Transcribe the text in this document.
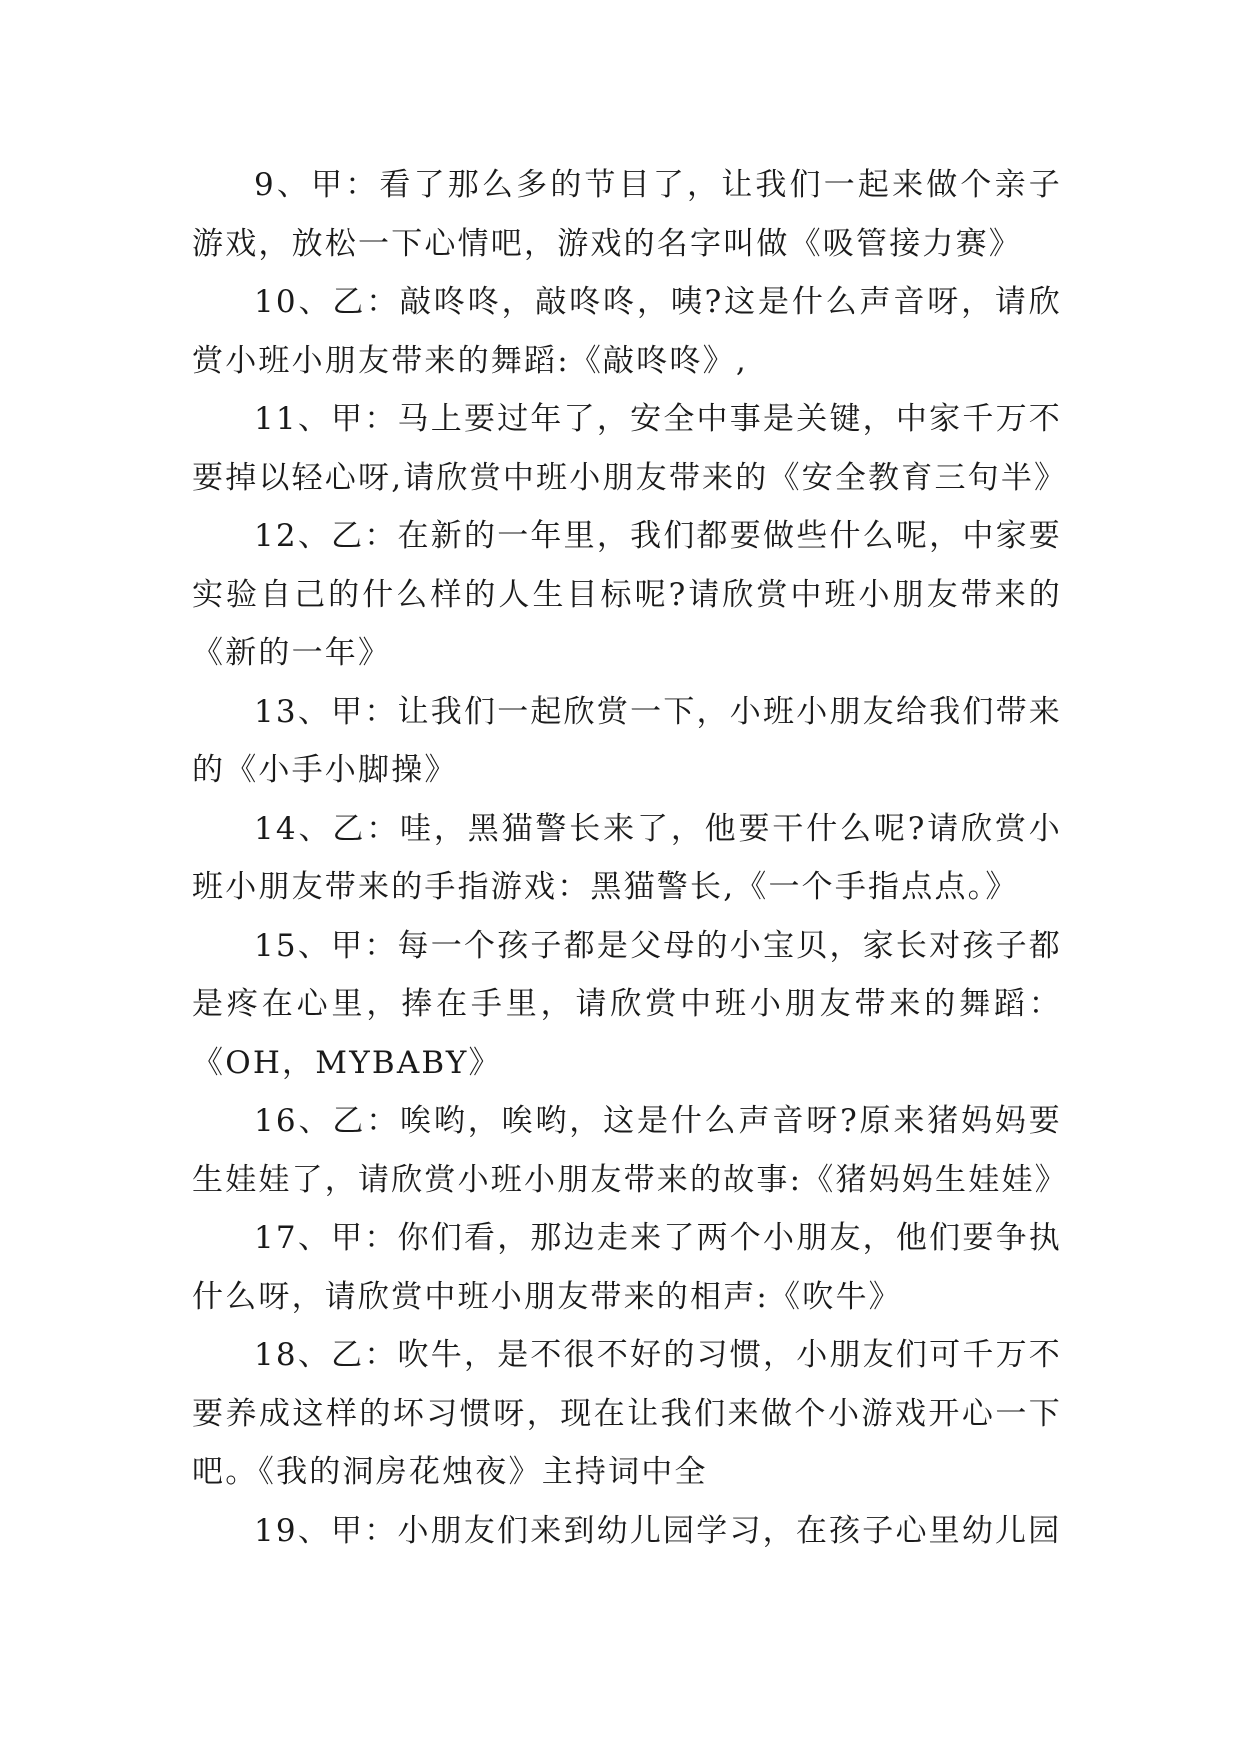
9、甲：看了那么多的节目了，让我们一起来做个亲子游戏，放松一下心情吧，游戏的名字叫做《吸管接力赛》

10、乙：敲咚咚，敲咚咚，咦?这是什么声音呀，请欣赏小班小朋友带来的舞蹈:《敲咚咚》,

11、甲：马上要过年了，安全中事是关键，中家千万不要掉以轻心呀,请欣赏中班小朋友带来的《安全教育三句半》

12、乙：在新的一年里，我们都要做些什么呢，中家要实验自己的什么样的人生目标呢?请欣赏中班小朋友带来的《新的一年》

13、甲：让我们一起欣赏一下，小班小朋友给我们带来的《小手小脚操》

14、乙：哇，黑猫警长来了，他要干什么呢?请欣赏小班小朋友带来的手指游戏：黑猫警长,《一个手指点点。》

15、甲：每一个孩子都是父母的小宝贝，家长对孩子都是疼在心里，捧在手里，请欣赏中班小朋友带来的舞蹈：《OH，MYBABY》

16、乙：唉哟，唉哟，这是什么声音呀?原来猪妈妈要生娃娃了，请欣赏小班小朋友带来的故事:《猪妈妈生娃娃》

17、甲：你们看，那边走来了两个小朋友，他们要争执什么呀，请欣赏中班小朋友带来的相声:《吹牛》

18、乙：吹牛，是不很不好的习惯，小朋友们可千万不要养成这样的坏习惯呀，现在让我们来做个小游戏开心一下吧。《我的洞房花烛夜》主持词中全

19、甲：小朋友们来到幼儿园学习，在孩子心里幼儿园
